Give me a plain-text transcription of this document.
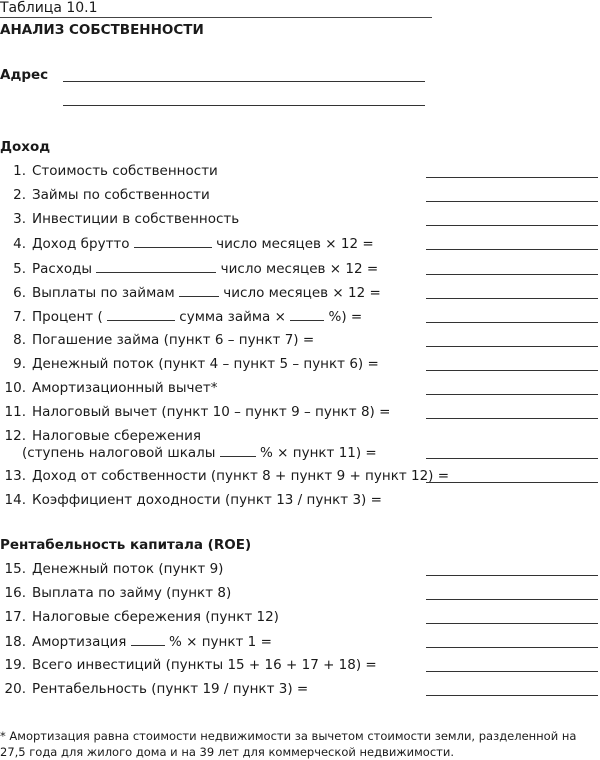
Таблица 10.1
АНАЛИЗ СОБСТВЕННОСТИ
Адрес
Доход
1. Стоимость собственности
2. Займы по собственности
3. Инвестиции в собственность
4. Доход брутто	число месяцев × 12 =
5. Расходы	число месяцев × 12 =
6. Выплаты по займам	число месяцев × 12 =
7. Процент (	сумма займа ×	%) =
8. Погашение займа (пункт 6 – пункт 7) =
9. Денежный поток (пункт 4 – пункт 5 – пункт 6) =
10. Амортизационный вычет*
11. Налоговый вычет (пункт 10 – пункт 9 – пункт 8) =
12. Налоговые сбережения
(ступень налоговой шкалы	% × пункт 11) =
13. Доход от собственности (пункт 8 + пункт 9 + пункт 12) =
14. Коэффициент доходности (пункт 13 / пункт 3) =
Рентабельность капитала (ROE)
15. Денежный поток (пункт 9)
16. Выплата по займу (пункт 8)
17. Налоговые сбережения (пункт 12)
18. Амортизация	% × пункт 1 =
19. Всего инвестиций (пункты 15 + 16 + 17 + 18) =
20. Рентабельность (пункт 19 / пункт 3) =
* Амортизация равна стоимости недвижимости за вычетом стоимости земли, разделенной на 27,5 года для жилого дома и на 39 лет для коммерческой недвижимости.
